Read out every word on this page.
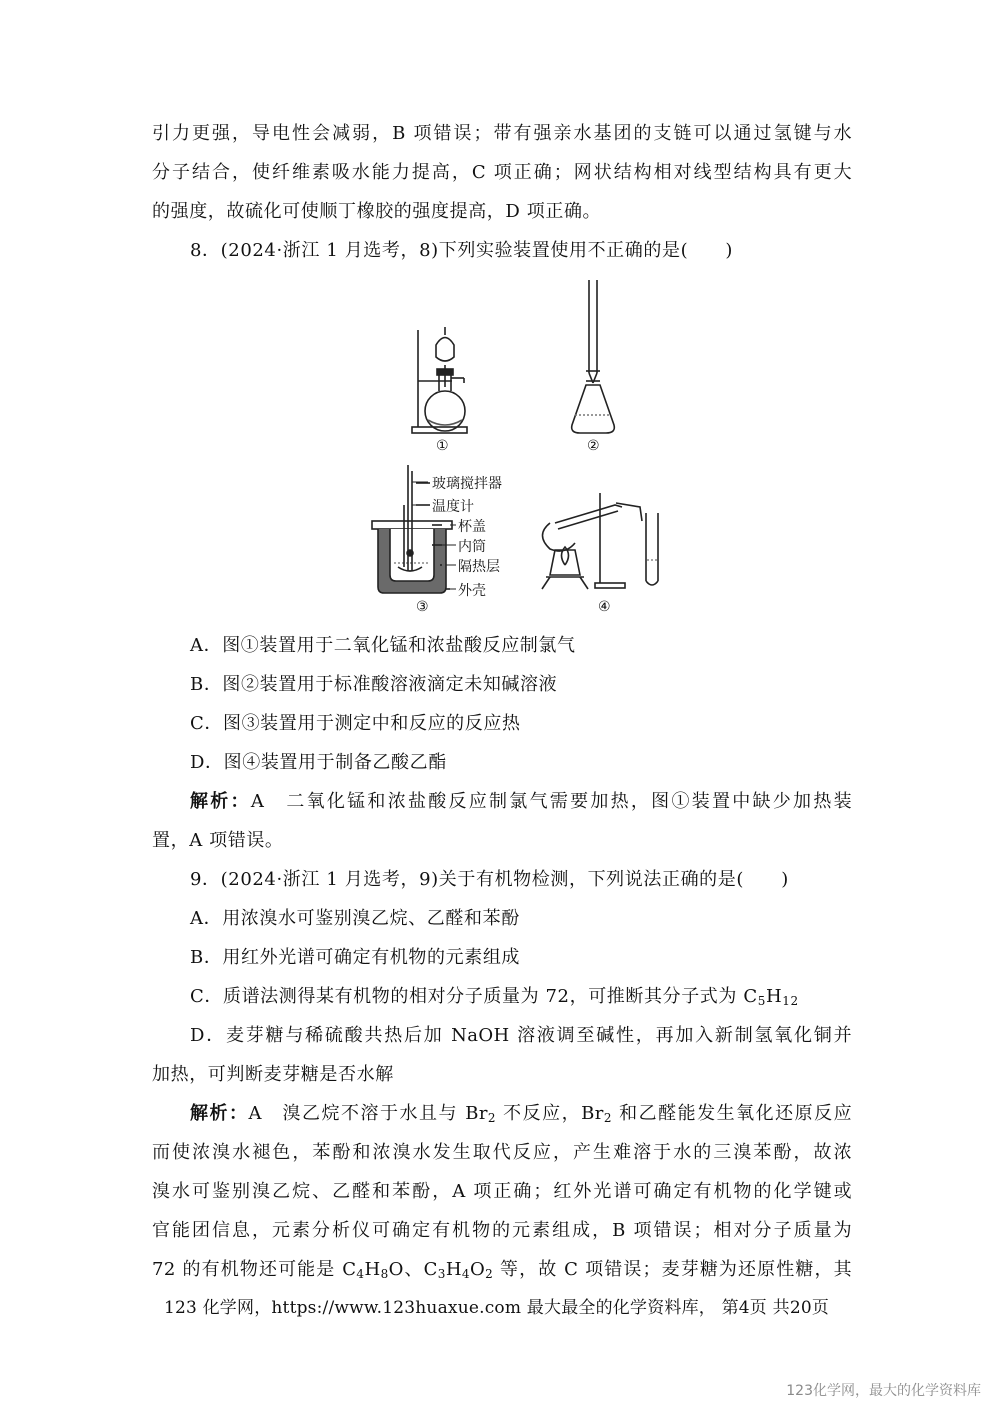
引力更强，导电性会减弱，B 项错误；带有强亲水基团的支链可以通过氢键与水
分子结合，使纤维素吸水能力提高，C 项正确；网状结构相对线型结构具有更大
的强度，故硫化可使顺丁橡胶的强度提高，D 项正确。
8．(2024·浙江 1 月选考，8)下列实验装置使用不正确的是(　　)
①	②
③	④
玻璃搅拌器
温度计
杯盖
内筒
隔热层
外壳
A．图①装置用于二氧化锰和浓盐酸反应制氯气
B．图②装置用于标准酸溶液滴定未知碱溶液
C．图③装置用于测定中和反应的反应热
D．图④装置用于制备乙酸乙酯
解析：A　二氧化锰和浓盐酸反应制氯气需要加热，图①装置中缺少加热装
置，A 项错误。
9．(2024·浙江 1 月选考，9)关于有机物检测，下列说法正确的是(　　)
A．用浓溴水可鉴别溴乙烷、乙醛和苯酚
B．用红外光谱可确定有机物的元素组成
C．质谱法测得某有机物的相对分子质量为 72，可推断其分子式为 $C_5H_{12}$
D．麦芽糖与稀硫酸共热后加 NaOH 溶液调至碱性，再加入新制氢氧化铜并
加热，可判断麦芽糖是否水解
解析：A　溴乙烷不溶于水且与 $Br_2$ 不反应，$Br_2$ 和乙醛能发生氧化还原反应
而使浓溴水褪色，苯酚和浓溴水发生取代反应，产生难溶于水的三溴苯酚，故浓
溴水可鉴别溴乙烷、乙醛和苯酚，A 项正确；红外光谱可确定有机物的化学键或
官能团信息，元素分析仪可确定有机物的元素组成，B 项错误；相对分子质量为
72 的有机物还可能是 $C_4H_8O$、$C_3H_4O_2$ 等，故 C 项错误；麦芽糖为还原性糖，其
123 化学网，https://www.123huaxue.com 最大最全的化学资料库， 第4页 共20页
123化学网，最大的化学资料库
